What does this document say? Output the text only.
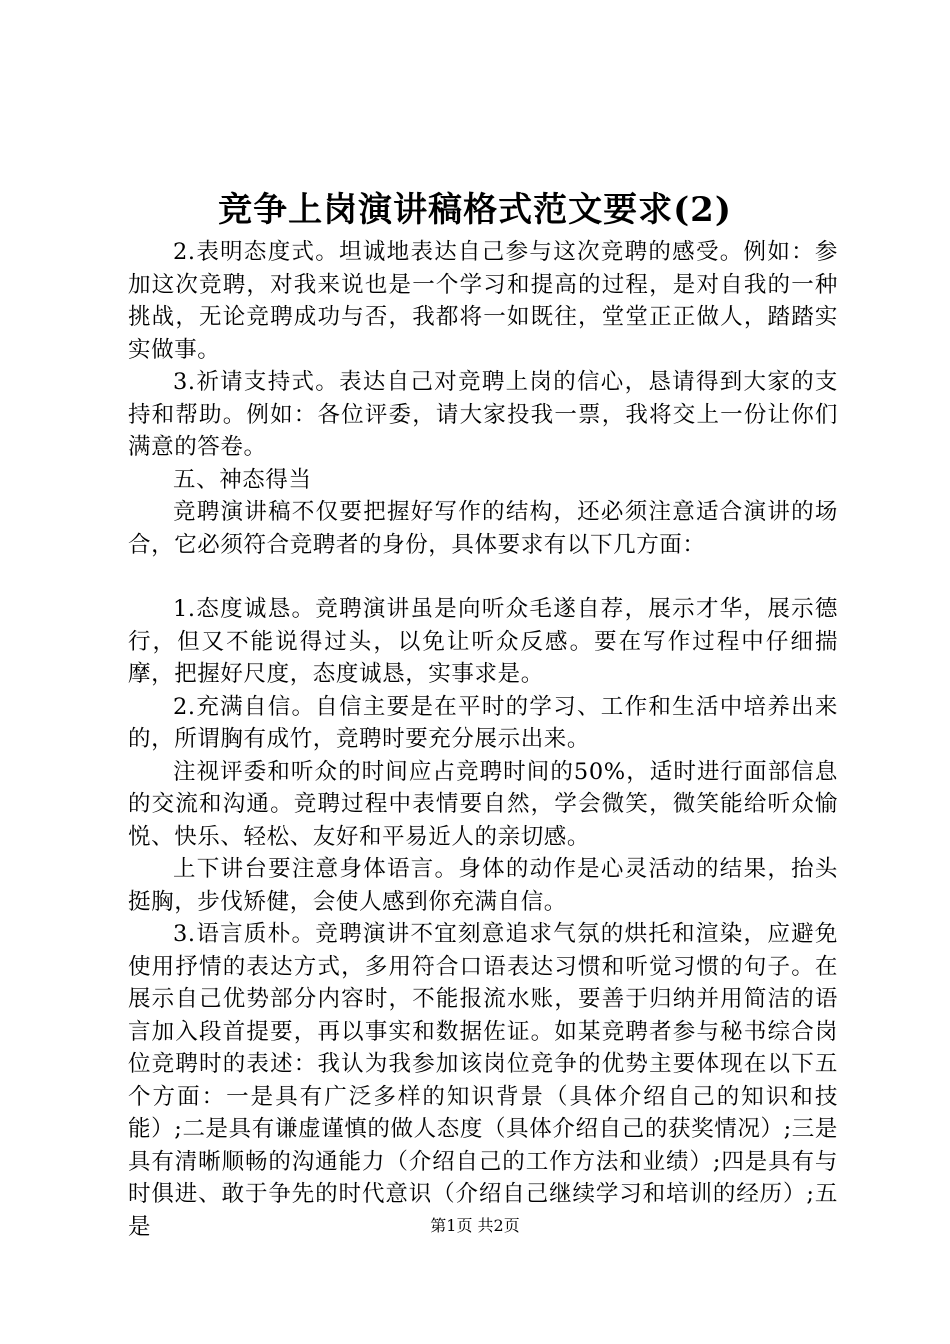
竞争上岗演讲稿格式范文要求(2)

2.表明态度式。坦诚地表达自己参与这次竞聘的感受。例如：参加这次竞聘，对我来说也是一个学习和提高的过程，是对自我的一种挑战，无论竞聘成功与否，我都将一如既往，堂堂正正做人，踏踏实实做事。

3.祈请支持式。表达自己对竞聘上岗的信心，恳请得到大家的支持和帮助。例如：各位评委，请大家投我一票，我将交上一份让你们满意的答卷。

五、神态得当

竞聘演讲稿不仅要把握好写作的结构，还必须注意适合演讲的场合，它必须符合竞聘者的身份，具体要求有以下几方面：

1.态度诚恳。竞聘演讲虽是向听众毛遂自荐，展示才华，展示德行，但又不能说得过头，以免让听众反感。要在写作过程中仔细揣摩，把握好尺度，态度诚恳，实事求是。

2.充满自信。自信主要是在平时的学习、工作和生活中培养出来的，所谓胸有成竹，竞聘时要充分展示出来。

注视评委和听众的时间应占竞聘时间的50%，适时进行面部信息的交流和沟通。竞聘过程中表情要自然，学会微笑，微笑能给听众愉悦、快乐、轻松、友好和平易近人的亲切感。

上下讲台要注意身体语言。身体的动作是心灵活动的结果，抬头挺胸，步伐矫健，会使人感到你充满自信。

3.语言质朴。竞聘演讲不宜刻意追求气氛的烘托和渲染，应避免使用抒情的表达方式，多用符合口语表达习惯和听觉习惯的句子。在展示自己优势部分内容时，不能报流水账，要善于归纳并用简洁的语言加入段首提要，再以事实和数据佐证。如某竞聘者参与秘书综合岗位竞聘时的表述：我认为我参加该岗位竞争的优势主要体现在以下五个方面：一是具有广泛多样的知识背景（具体介绍自己的知识和技能）;二是具有谦虚谨慎的做人态度（具体介绍自己的获奖情况）;三是具有清晰顺畅的沟通能力（介绍自己的工作方法和业绩）;四是具有与时俱进、敢于争先的时代意识（介绍自己继续学习和培训的经历）;五是	第1页 共2页
